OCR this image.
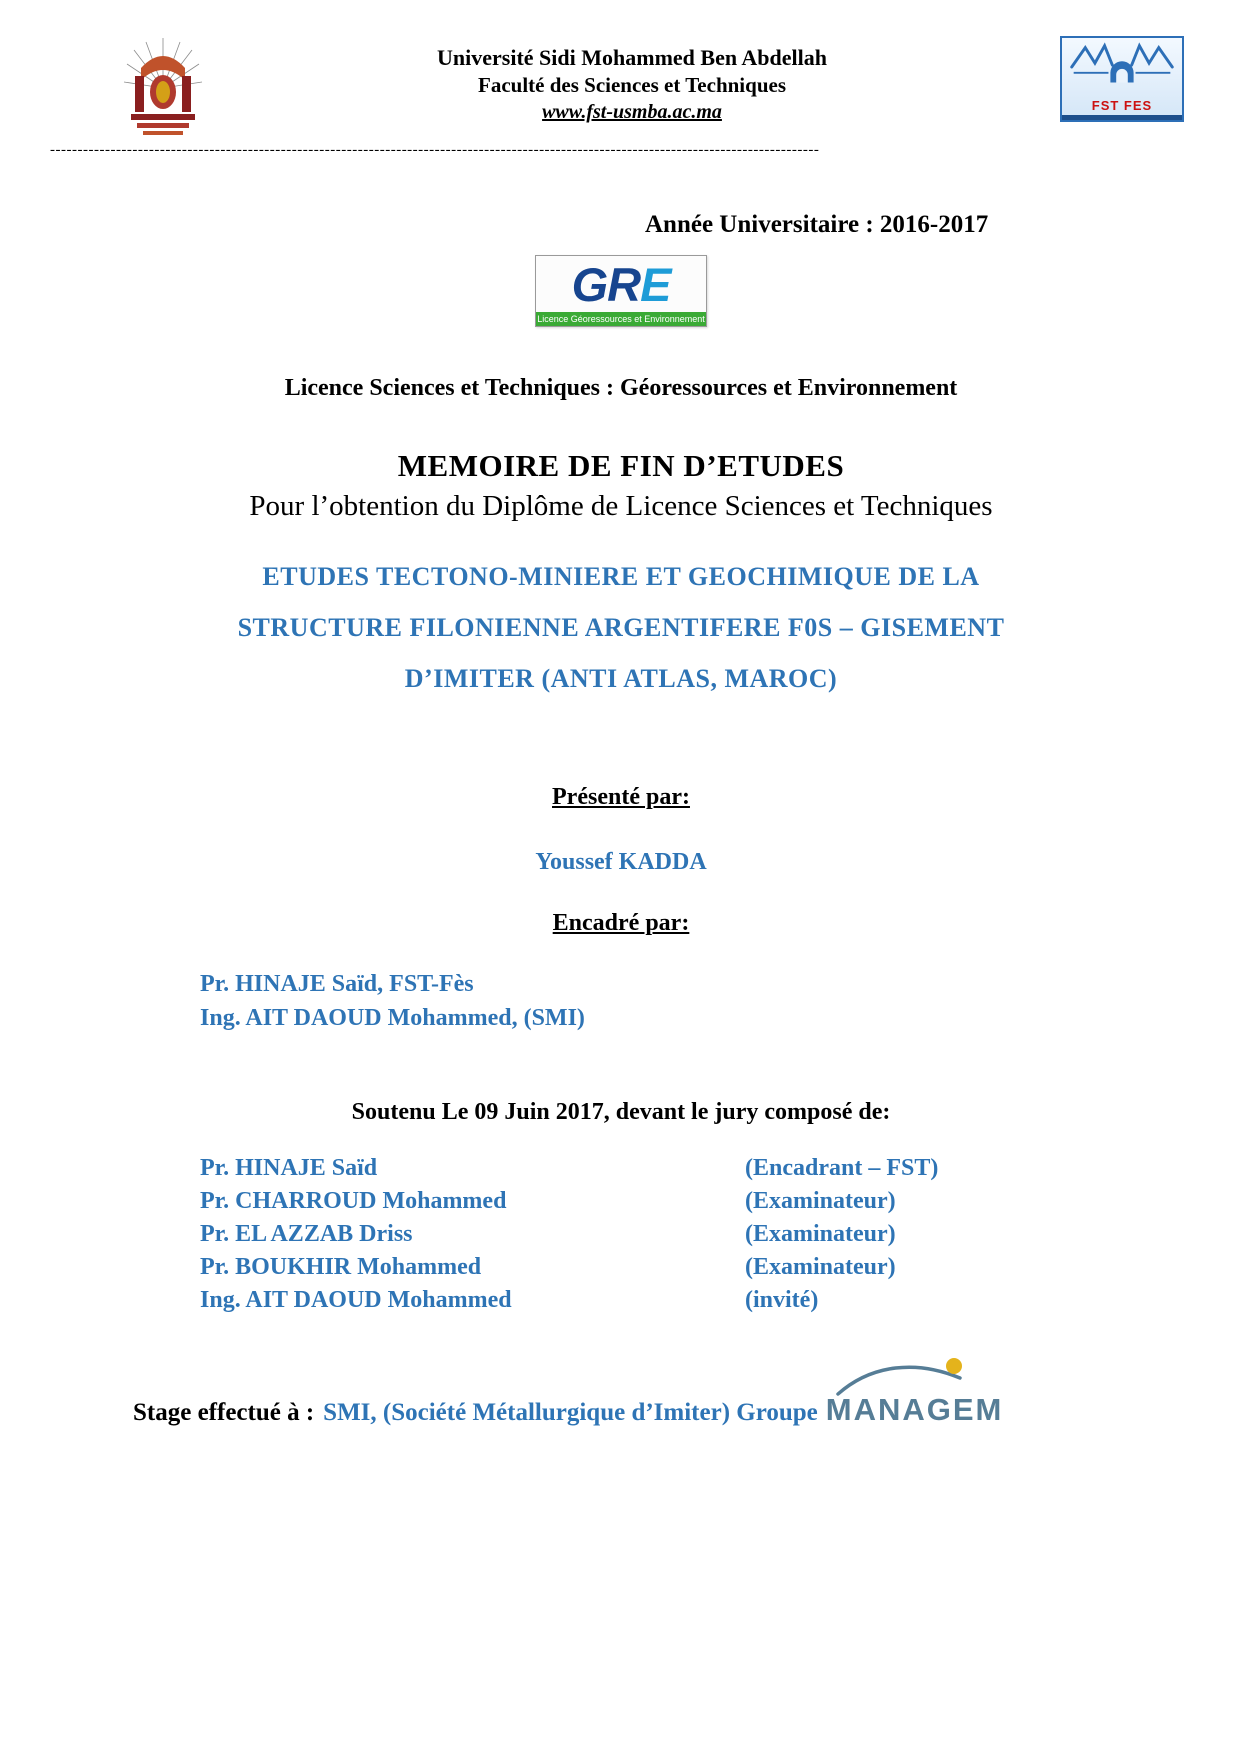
Université Sidi Mohammed Ben Abdellah
Faculté des Sciences et Techniques
www.fst-usmba.ac.ma	FST FES
--------------------------------------------------------------------------------------------------------------------------------------------
Année Universitaire : 2016-2017
GRE
Licence Géoressources et Environnement
Licence Sciences et Techniques : Géoressources et Environnement
MEMOIRE DE FIN D’ETUDES
Pour l’obtention du Diplôme de Licence Sciences et Techniques
ETUDES TECTONO-MINIERE ET GEOCHIMIQUE DE LA
STRUCTURE FILONIENNE ARGENTIFERE F0S – GISEMENT
D’IMITER (ANTI ATLAS, MAROC)
Présenté par:
Youssef KADDA
Encadré par:
Pr. HINAJE Saïd, FST-Fès
Ing. AIT DAOUD Mohammed, (SMI)
Soutenu Le 09 Juin 2017, devant le jury composé de:
Pr. HINAJE Saïd	(Encadrant – FST)
Pr. CHARROUD Mohammed	(Examinateur)
Pr. EL AZZAB Driss	(Examinateur)
Pr. BOUKHIR Mohammed	(Examinateur)
Ing. AIT DAOUD Mohammed	(invité)
Stage effectué à : SMI, (Société Métallurgique d’Imiter) Groupe MANAGEM
